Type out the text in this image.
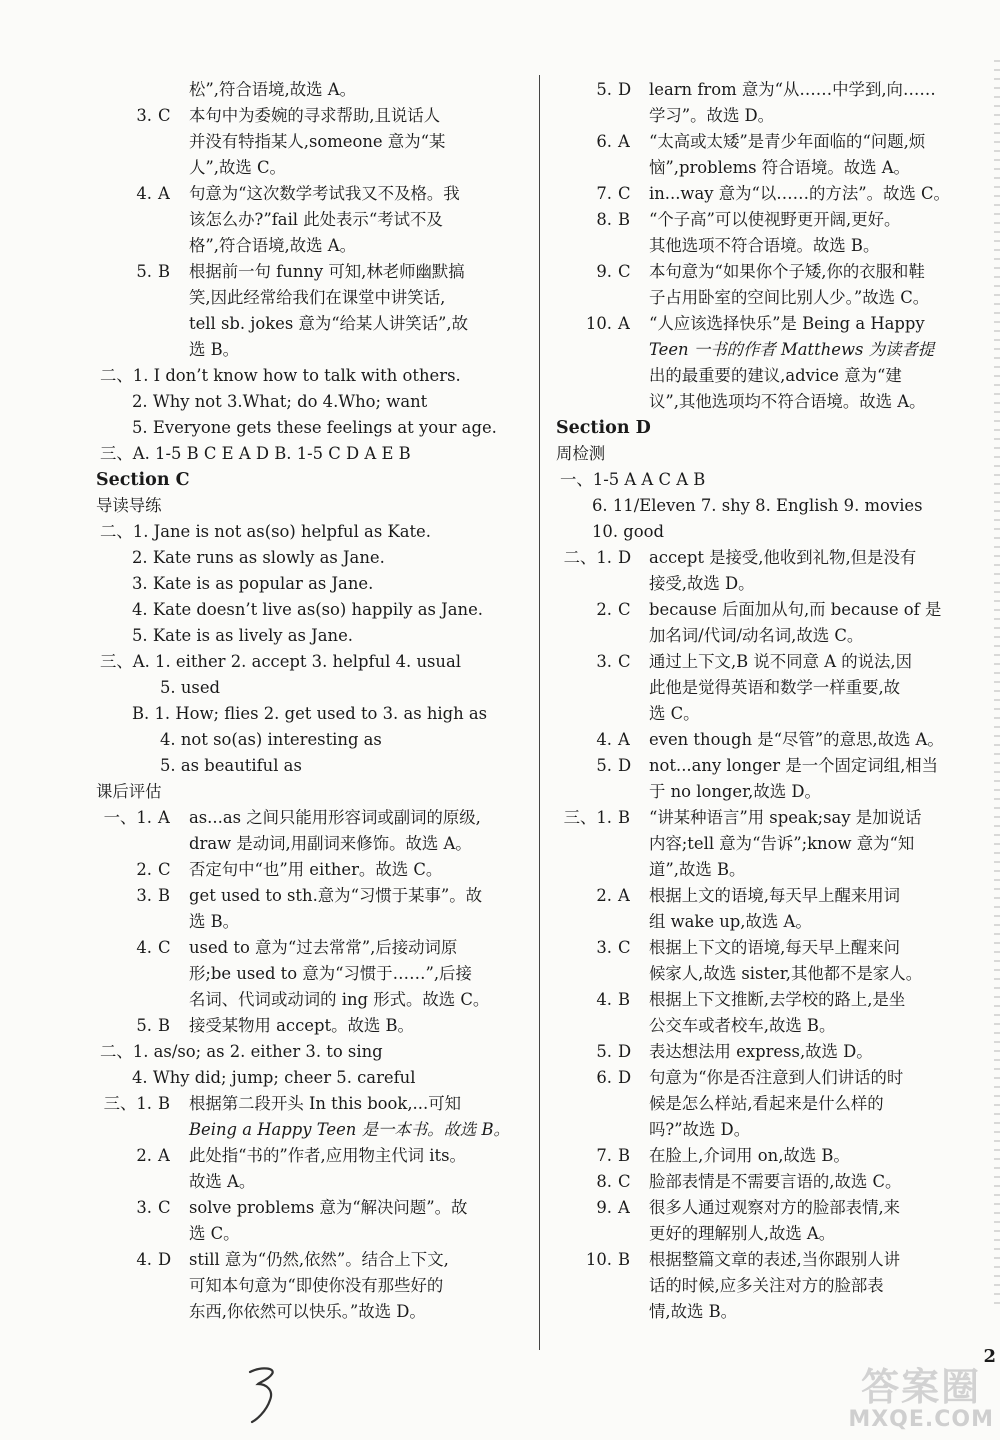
松”,符合语境,故选 A。
3. C	本句中为委婉的寻求帮助,且说话人
并没有特指某人,someone 意为“某
人”,故选 C。
4. A	句意为“这次数学考试我又不及格。我
该怎么办?”fail 此处表示“考试不及
格”,符合语境,故选 A。
5. B	根据前一句 funny 可知,林老师幽默搞
笑,因此经常给我们在课堂中讲笑话,
tell sb. jokes 意为“给某人讲笑话”,故
选 B。
二、1. I don’t know how to talk with others.
2. Why not 3.What; do 4.Who; want
5. Everyone gets these feelings at your age.
三、A. 1-5 B C E A D B. 1-5 C D A E B
Section C
导读导练
二、1. Jane is not as(so) helpful as Kate.
2. Kate runs as slowly as Jane.
3. Kate is as popular as Jane.
4. Kate doesn’t live as(so) happily as Jane.
5. Kate is as lively as Jane.
三、A. 1. either 2. accept 3. helpful 4. usual
5. used
B. 1. How; flies 2. get used to 3. as high as
4. not so(as) interesting as
5. as beautiful as
课后评估
一、1. A	as...as 之间只能用形容词或副词的原级,
draw 是动词,用副词来修饰。故选 A。
2. C	否定句中“也”用 either。故选 C。
3. B	get used to sth.意为“习惯于某事”。故
选 B。
4. C	used to 意为“过去常常”,后接动词原
形;be used to 意为“习惯于……”,后接
名词、代词或动词的 ing 形式。故选 C。
5. B	接受某物用 accept。故选 B。
二、1. as/so; as 2. either 3. to sing
4. Why did; jump; cheer 5. careful
三、1. B	根据第二段开头 In this book,...可知
Being a Happy Teen 是一本书。故选 B。
2. A	此处指“书的”作者,应用物主代词 its。
故选 A。
3. C	solve problems 意为“解决问题”。故
选 C。
4. D	still 意为“仍然,依然”。结合上下文,
可知本句意为“即使你没有那些好的
东西,你依然可以快乐。”故选 D。
5. D	learn from 意为“从……中学到,向……
学习”。故选 D。
6. A	“太高或太矮”是青少年面临的“问题,烦
恼”,problems 符合语境。故选 A。
7. C	in...way 意为“以……的方法”。故选 C。
8. B	“个子高”可以使视野更开阔,更好。
其他选项不符合语境。故选 B。
9. C	本句意为“如果你个子矮,你的衣服和鞋
子占用卧室的空间比别人少。”故选 C。
10. A	“人应该选择快乐”是 Being a Happy
Teen 一书的作者 Matthews 为读者提
出的最重要的建议,advice 意为“建
议”,其他选项均不符合语境。故选 A。
Section D
周检测
一、1-5 A A C A B
6. 11/Eleven 7. shy 8. English 9. movies
10. good
二、1. D	accept 是接受,他收到礼物,但是没有
接受,故选 D。
2. C	because 后面加从句,而 because of 是
加名词/代词/动名词,故选 C。
3. C	通过上下文,B 说不同意 A 的说法,因
此他是觉得英语和数学一样重要,故
选 C。
4. A	even though 是“尽管”的意思,故选 A。
5. D	not...any longer 是一个固定词组,相当
于 no longer,故选 D。
三、1. B	“讲某种语言”用 speak;say 是加说话
内容;tell 意为“告诉”;know 意为“知
道”,故选 B。
2. A	根据上文的语境,每天早上醒来用词
组 wake up,故选 A。
3. C	根据上下文的语境,每天早上醒来问
候家人,故选 sister,其他都不是家人。
4. B	根据上下文推断,去学校的路上,是坐
公交车或者校车,故选 B。
5. D	表达想法用 express,故选 D。
6. D	句意为“你是否注意到人们讲话的时
候是怎么样站,看起来是什么样的
吗?”故选 D。
7. B	在脸上,介词用 on,故选 B。
8. C	脸部表情是不需要言语的,故选 C。
9. A	很多人通过观察对方的脸部表情,来
更好的理解别人,故选 A。
10. B	根据整篇文章的表述,当你跟别人讲
话的时候,应多关注对方的脸部表
情,故选 B。
2
答案圈
MXQE.COM
